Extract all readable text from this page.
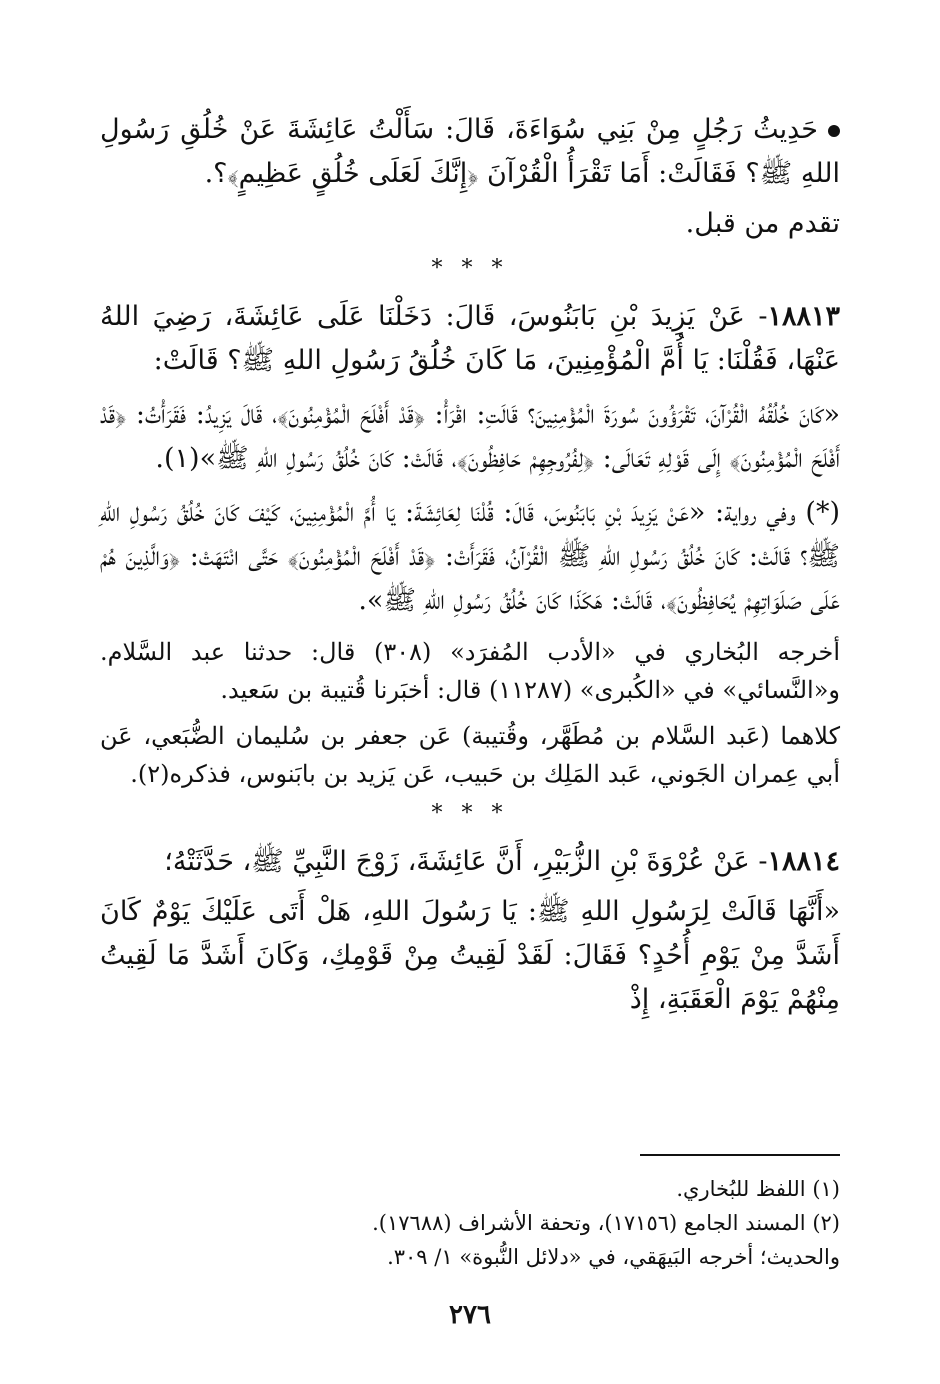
حَدِيثُ رَجُلٍ مِنْ بَنِي سُوَاءَةَ، قَالَ: سَأَلْتُ عَائِشَةَ عَنْ خُلُقِ رَسُولِ اللهِ ﷺ؟ فَقَالَتْ: أَمَا تَقْرَأُ الْقُرْآنَ ﴿إِنَّكَ لَعَلَى خُلُقٍ عَظِيمٍ﴾؟.

تقدم من قبل.

* * *

١٨٨١٣- عَنْ يَزِيدَ بْنِ بَابَنُوسَ، قَالَ: دَخَلْنَا عَلَى عَائِشَةَ، رَضِيَ اللهُ عَنْهَا، فَقُلْنَا: يَا أُمَّ الْمُؤْمِنِينَ، مَا كَانَ خُلُقُ رَسُولِ اللهِ ﷺ؟ قَالَتْ:

«كَانَ خُلُقُهُ الْقُرْآنَ، تَقْرَؤُونَ سُورَةَ الْمُؤْمِنِينَ؟ قَالَتِ: اقْرَأْ: ﴿قَدْ أَفْلَحَ الْمُؤْمِنُونَ﴾، قَالَ يَزِيدُ: فَقَرَأْتُ: ﴿قَدْ أَفْلَحَ الْمُؤْمِنُونَ﴾ إِلَى قَوْلِهِ تَعَالَى: ﴿لِفُرُوجِهِمْ حَافِظُونَ﴾، قَالَتْ: كَانَ خُلُقُ رَسُولِ اللهِ ﷺ»(١).

(*) وفي رواية: «عَنْ يَزِيدَ بْنِ بَابَنُوسَ، قَالَ: قُلْنَا لِعَائِشَةَ: يَا أُمَّ الْمُؤْمِنِينَ، كَيْفَ كَانَ خُلُقُ رَسُولِ اللهِ ﷺ؟ قَالَتْ: كَانَ خُلُقُ رَسُولِ اللهِ ﷺ الْقُرْآنُ، فَقَرَأَتْ: ﴿قَدْ أَفْلَحَ الْمُؤْمِنُونَ﴾ حَتَّى انْتَهَتْ: ﴿وَالَّذِينَ هُمْ عَلَى صَلَوَاتِهِمْ يُحَافِظُونَ﴾، قَالَتْ: هَكَذَا كَانَ خُلُقُ رَسُولِ اللهِ ﷺ».

أخرجه البُخاري في «الأدب المُفرَد» (٣٠٨) قال: حدثنا عبد السَّلام. و«النَّسائي» في «الكُبرى» (١١٢٨٧) قال: أخبَرنا قُتيبة بن سَعيد.

كلاهما (عَبد السَّلام بن مُطَهَّر، وقُتيبة) عَن جعفر بن سُليمان الضُّبَعي، عَن أبي عِمران الجَوني، عَبد المَلِك بن حَبيب، عَن يَزيد بن بابَنوس، فذكره(٢).

* * *

١٨٨١٤- عَنْ عُرْوَةَ بْنِ الزُّبَيْرِ، أَنَّ عَائِشَةَ، زَوْجَ النَّبِيِّ ﷺ، حَدَّثَتْهُ؛

«أَنَّهَا قَالَتْ لِرَسُولِ اللهِ ﷺ: يَا رَسُولَ اللهِ، هَلْ أَتَى عَلَيْكَ يَوْمٌ كَانَ أَشَدَّ مِنْ يَوْمِ أُحُدٍ؟ فَقَالَ: لَقَدْ لَقِيتُ مِنْ قَوْمِكِ، وَكَانَ أَشَدَّ مَا لَقِيتُ مِنْهُمْ يَوْمَ الْعَقَبَةِ، إِذْ

(١) اللفظ للبُخاري.
(٢) المسند الجامع (١٧١٥٦)، وتحفة الأشراف (١٧٦٨٨).
والحديث؛ أخرجه البَيهَقي، في «دلائل النُّبوة» ١/ ٣٠٩.
٢٧٦
